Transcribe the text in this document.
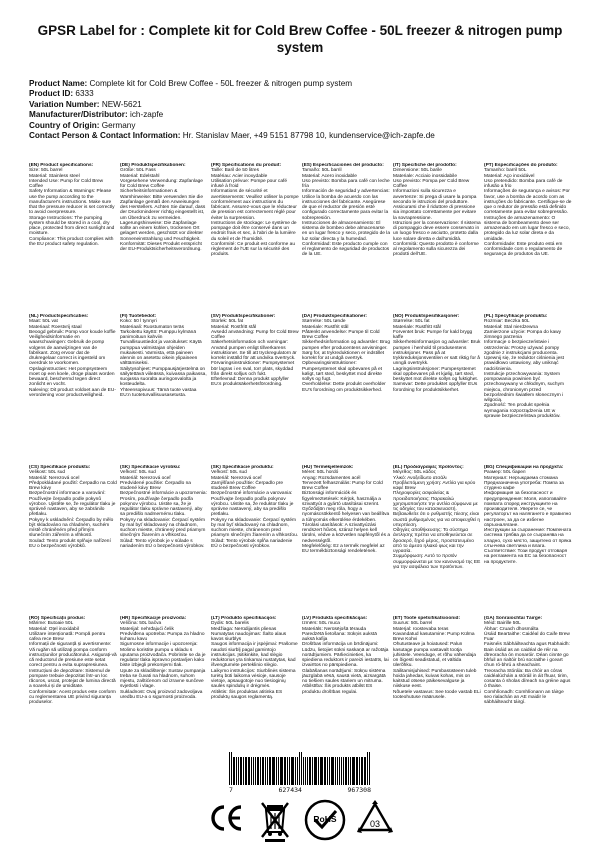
GPSR Label for : Complete kit for Cold Brew Coffee - 50L freezer & nitrogen pump system
Product Name: Complete kit for Cold Brew Coffee - 50L freezer & nitrogen pump system
Product ID: 6333
Variation Number: NEW-5621
Manufacturer/Distributor: ich-zapfe
Country of Origin: Germany
Contact Person & Contact Information: Hr. Stanislav Maer, +49 5151 87798 10, kundenservice@ich-zapfe.de
(EN) Product specifications:

Size: 50L barrel
Material: Stainless steel
Intended Use: Pump for Cold Brew Coffee
Safety Information & Warnings: Please use the pump according to the manufacturer's instructions. Make sure that the pressure reducer is set correctly to avoid overpressure.
Storage Instructions: The pumping system should be stored in a cool, dry place, protected from direct sunlight and moisture.
Compliance: This product complies with the EU product safety regulation.

(DE) Produktspezifikationen:

Größe: 50L Fass
Material: Edelstahl
Vorgesehene Verwendung: Zapfanlage für Cold Brew Coffee
Sicherheitsinformationen & Warnhinweise: Bitte verwenden Sie die Zapfanlage gemäß den Anweisungen des Herstellers. Achten Sie darauf, dass der Druckminderer richtig eingestellt ist, um Überdruck zu vermeiden.
Lagerungshinweise: Die Zapfanlage sollte an einem kühlen, trockenen Ort gelagert werden, geschützt vor direkter Sonneneinstrahlung und Feuchtigkeit.
Konformität: Dieses Produkt entspricht der EU-Produktsicherheitsverordnung.

(FR) Spécifications du produit:

Taille: Baril de 50 litres
Matériau: Acier inoxydable
Utilisation prévue: Pompe pour café infusé à froid
Informations de sécurité et avertissements: Veuillez utiliser la pompe conformément aux instructions du fabricant. Assurez-vous que le réducteur de pression est correctement réglé pour éviter la surpression.
Instructions de stockage: Le système de pompage doit être conservé dans un endroit frais et sec, à l'abri de la lumière du soleil et de l'humidité.
Conformité: Ce produit est conforme au règlement de l'UE sur la sécurité des produits.

(ES) Especificaciones del producto:

Tamaño: 50L barril
Material: Acero inoxidable
Uso previsto: Bomba para café con leche fría
Información de seguridad y advertencias: Utilice la bomba de acuerdo con las instrucciones del fabricante. Asegúrese de que el reductor de presión esté configurado correctamente para evitar la sobrepresión.
Instrucciones de almacenamiento: El sistema de bombeo debe almacenarse en un lugar fresco y seco, protegido de la luz solar directa y la humedad.
Conformidad: Este producto cumple con el reglamento de seguridad de productos de la UE.

(IT) Specifiche del prodotto:

Dimensione: 50L barile
Materiale: Acciaio inossidabile
Uso previsto: Pompa per Cold Brew Coffee
Informazioni sulla sicurezza e avvertenze: Si prega di usare la pompa secondo le istruzioni del produttore. Assicurarsi che il riduttore di pressione sia impostato correttamente per evitare la sovrapressione.
Istruzioni per la conservazione: Il sistema di pompaggio deve essere conservato in un luogo fresco e asciutto, protetto dalla luce solare diretta e dall'umidità.
Conformità: Questo prodotto è conforme al regolamento sulla sicurezza dei prodotti dell'UE.

(PT) Especificações do produto:

Tamanho: barril 50L
Material: Aço inoxidável
Uso pretendido: Bomba para café de infusão a frio
Informações de segurança e avisos: Por favor, use a bomba de acordo com as instruções do fabricante. Certifique-se de que o redutor de pressão está definido corretamente para evitar sobrepressão.
Instruções de armazenamento: O sistema de bombeamento deve ser armazenado em um lugar fresco e seco, protegido da luz solar direta e da umidade.
Conformidade: Este produto está em conformidade com o regulamento de segurança de produtos da UE.

(NL) Productspecificaties:

Maat: 50L vat
Materiaal: Roestvrij staal
Beoogd gebruik: Pomp voor koude koffie
Veiligheidsinformatie en waarschuwingen: Gebruik de pomp volgens de aanwijzingen van de fabrikant. Zorg ervoor dat de drukregelaar correct is ingesteld om overdruk te voorkomen.
Opslaginstructies: Het pompsysteem moet op een koele, droge plaats worden bewaard, beschermd tegen direct zonlicht en vocht.
Naleving: Dit product voldoet aan de EU-verordening voor productveiligheid.

(FI) Tuotetiedot:

Koko: 50 l tynnyri
Materiaali: Ruostumaton teräs
Tarkoitettu käyttö: Pumppu kylmänä panimoituun kahviin
Turvallisuustiedot ja varoitukset: Käytä pumppua valmistajan ohjeiden mukaisesti. Varmista, että paineen alennin on asetettu oikein ylipaineen välttämiseksi.
Säilytysohjeet: Pumppausjärjestelmä on säilytettävä viileässä, kuivassa paikassa, suojassa suoralta auringonvalolta ja kosteudelta.
Yhteensopivuus: Tämä tuote vastaa EU:n tuoteturvallisuusasetusta.

(SV) Produktspecifikationer:

Storlek: 50L fat
Material: Rostfritt stål
Avsedd användning: Pump för Cold Brew Coffee
Säkerhetsinformation och varningar: Använd pumpen enligt tillverkarens instruktioner. Se till att tryckregulatorn är korrekt inställd för att undvika övertryck.
Förvaringsinstruktioner: Pumpsystemet bör lagras i en sval, torr plats, skyddad från direkt solljus och fukt.
Efterlevnad: Denna produkt uppfyller EU:s produktsäkerhetsförordning.

(DA) Produktspecifikationer:

Størrelse: 50L tønde
Materiale: Rustfrit stål
Påtænkt anvendelse: Pumpe til Cold Brew Coffee
Sikkerhedsinformation og advarsler: Brug pumpen efter producentens anvisninger. Sørg for, at trykreduktionen er indstillet korrekt for at undgå overtryk.
Opbevaringsinstruktioner: Pumpesystemet skal opbevares på et køligt, tørt sted, beskyttet mod direkte sollys og fugt.
Overholdelse: Dette produkt overholder EU's forordning om produktsikkerhed.

(NO) Produktspesifikasjoner:

Størrelse: 50L fat
Materiale: Rustfritt stål
Forventet bruk: Pumpe for kald brygg kaffe
Sikkerhetsinformasjon og advarsler: Bruk pumpen i henhold til produsentens instruksjoner. Pass på at trykkreduksjonsventilen er satt riktig for å unngå overtrykk.
Lagringsinstruksjoner: Pumpesystemet skal oppbevares på et kjølig, tørt sted, beskyttet mot direkte sollys og fuktighet.
Samsvar: Dette produktet oppfyller EUs forordning for produktsikkerhet.

(PL) Specyfikacje produktu:

Rozmiar: Beczka 50L
Materiał: Stal nierdzewna
Zamierzone użycie: Pompa do kawy zimnego parzenia
Informacje o bezpieczeństwie i ostrzeżenia: Proszę używać pompy zgodnie z instrukcjami producenta. Upewnij się, że reduktor ciśnienia jest prawidłowo ustawiony, aby uniknąć nadciśnienia.
Instrukcje przechowywania: System pompowania powinien być przechowywany w chłodnym, suchym miejscu, chronionym przed bezpośrednim światłem słonecznym i wilgocią.
Zgodność: Ten produkt spełnia wymagania rozporządzenia UE w sprawie bezpieczeństwa produktów.

(CS) Specifikace produktu:

Velikost: 50L sud
Materiál: Nerezová ocel
Předpokládané použití: Čerpadlo na Cold Brew kávy
Bezpečnostní informace a varování: Používejte čerpadlo podle pokynů výrobce. Ujistěte se, že regulátor tlaku je správně nastaven, aby se zabránilo přetlaku.
Pokyny k uskladnění: Čerpadlo by mělo být skladováno na chladném, suchém místě chráněném před přímým slunečním zářením a vlhkostí.
Soulad: Tento produkt splňuje nařízení EU o bezpečnosti výrobků.

(SK) Špecifikácie výrobku:

Veľkosť: 50L sud
Materiál: Nerezová oceľ
Predvidené použitie: Čerpadlo na studené kávy Brew
Bezpečnostné informácie a upozornenia: Prosím, používajte čerpadlo podľa pokynov výrobcu. Uistite sa, že je regulátor tlaku správne nastavený, aby sa predišlo nadmernému tlaku.
Pokyny na skladovanie: Čerpací systém by mal byť skladovaný na chladnom, suchom mieste, chránený pred priamym slnečným žiarením a vlhkosťou.
Súlad: Tento výrobok je v súlade s nariadením EÚ o bezpečnosti výrobkov.

(SK) Špecifikácie produktu:

Veľkosť: 50L sud
Materiál: Nerezová oceľ
Zamýšľané použitie: Čerpadlo pre studené Brew Coffee
Bezpečnostné informácie a varovania: Používajte čerpadlo podľa pokynov výrobcu. Uistite sa, že reduktor tlaku je správne nastavený, aby sa predišlo pretlaku.
Pokyny na skladovanie: Čerpací systém by mal byť skladovaný na chladnom, suchom mieste, chránenom pred priamym slnečným žiarením a vlhkosťou.
Súlad: Tento výrobok spĺňa nariadenie EÚ o bezpečnosti výrobkov.

(HU) Termékjellemzők:

Méret: 50L hordó
Anyag: Rozsdamentes acél
Tervezett felhasználás: Pump for Cold Brew Coffee
Biztonsági információk és figyelmeztetések: Kérjük, használja a szivattyút a gyártó utasításai szerint. Győződjön meg róla, hogy a nyomáscsökkentő helyesen van beállítva a túlnyomás elkerülése érdekében.
Tárolási utasítások: A szivattyúzási rendszert hűvös, száraz helyen kell tárolni, védve a közvetlen napfénytől és a nedvességtől.
Megfelelőség: Ez a termék megfelel az EU termékbiztonsági rendeletének.

(EL) Προδιαγραφές προϊόντος:

Μέγεθος: 50L κάδος
Υλικό: Ανοξείδωτο ατσάλι
Προβλεπόμενη χρήση: Αντλία για κρύο καφέ Brew
Πληροφορίες ασφαλείας & προειδοποιήσεις: Παρακαλώ χρησιμοποιήστε την αντλία σύμφωνα με τις οδηγίες του κατασκευαστή. Βεβαιωθείτε ότι ο ρυθμιστής πίεσης είναι σωστά ρυθμισμένος για να αποφευχθεί η υπερπίεση.
Οδηγίες αποθήκευσης: Το σύστημα άντλησης πρέπει να αποθηκεύεται σε δροσερό, ξηρό μέρος, προστατευμένο από το άμεσο ηλιακό φως και την υγρασία.
Συμμόρφωση: Αυτό το προϊόν συμμορφώνεται με τον κανονισμό της ΕΕ για την ασφάλεια των προϊόντων.

(BG) Спецификации на продукта:

Размер: 50L барел
Материал: Неръждаема стомана
Предназначена употреба: Помпа за студено кафе
Информация за безопасност и предупреждения: Моля, използвайте помпата според инструкциите на производителя. Уверете се, че регулаторът на налягането е правилно настроен, за да се избегне свръхналягане.
Инструкции за съхранение: Помпената система трябва да се съхранява на хладно, сухо място, защитено от пряка слънчева светлина и влага.
Съответствие: Този продукт отговаря на регламента на ЕС за безопасност на продуктите.

(RO) Specificații produs:

Mărime: Butoaie 50L
Material: Oțel inoxidabil
Utilizare intenționată: Pompă pentru cafea rece Brew
Informații de siguranță și avertismente: Vă rugăm să utilizați pompa conform instrucțiunilor producătorului. Asigurați-vă că reductorul de presiune este setat corect pentru a evita suprapresiunea.
Instrucțiuni de depozitare: Sistemul de pompare trebuie depozitat într-un loc răcoros, uscat, protejat de lumina directă a soarelui și de umiditate.
Conformitate: Acest produs este conform cu reglementarea UE privind siguranța produselor.

(HR) Specifikacije proizvoda:

Veličina: 50L bačva
Materijal: nehrđajući čelik
Predviđena upotreba: Pumpa za hladno kuhanu kavu
Sigurnosne informacije i upozorenja: Molimo koristite pumpu u skladu s uputama proizvođača. Pobrinite se da je regulator tlaka ispravno postavljen kako biste izbjegli prekomjerni tlak.
Upute za skladištenje: Sustav pumpanja treba se čuvati na hladnom, suhom mjestu, zaštićenom od izravne sunčeve svjetlosti i vlage.
Sukladnost: Ovaj proizvod zadovoljava uredbu EU-a o sigurnosti proizvoda.

(LT) Produkto specifikacijos:

Dydis: 50L barelis
Medžiaga: Nerūdijantis plienas
Numatytas naudojimas: Šalto alaus kavos siurblys
Saugos informacija ir įspėjimai: Prašome naudoti siurblį pagal gamintojo instrukcijas. Įsitikinkite, kad slėgio reduktorius yra tinkamai nustatytas, kad išvengtumėte perteklinio slėgio.
Laikymo instrukcijos: Siurblinės sistema turėtų būti laikoma vėsioje, sausoje vietoje, apsaugotoje nuo tiesioginių saulės spindulių ir drėgmės.
Atitiktis: Šis produktas atitinka ES produktų saugos reglamentą.

(LV) Produkta specifikācijas:

Izmērs: 50L muca
Materiāls: Nerūsējošā tērauda
Paredzētā lietošana: Sūkņis aukstā auksā kafija
Drošības informācija un brīdinājumi: Lūdzu, lietojiet sūkni saskaņā ar ražotāja norādījumiem. Pārliecinieties, ka spiediena reduktors ir pareizi iestatīts, lai izvairītos no pārspiediena.
Glabāšanas norādījumi: Sūkņu sistēma jāuzglabā vēsā, sausā vietā, aizsargātā no tiešiem saules stariem un mitruma.
Atbilstība: Šis produkts atbilst ES produktu drošības regulai.

(ET) Toote spetsifikatsioonid:

Suurus: 50L barrel
Materjal: roostevaba teras
Kavandatud kasutamine: Pump Külma Brew Kohvi
Ohutusteave ja hoiatused: Palun kasutage pumpa vastavalt tootja juhistele. Veenduge, et rõhu vähendaja on õigesti seadistatud, et vältida ülerõhku.
Säilitamisjuhised: Pumbasüsteem tuleb hoida jahedas, kuivas kohas, mis on kaitstud otsese päikesevalguse ja niiskuse eest.
Nõuetele vastavus: See toode vastab ELi tooteohutuse määrusele.

(GA) Sonraíochtaí Táirge:

Méid: Bairille 50L
Ábhar: Cruach dhosmálta
Úsáid Beartaithe: Caidéal do Caife Brew Fuar
Faisnéis Sábháilteachta agus Rabhaidh: Bain úsáid as an caidéal de réir na dtreoracha ón monaróir. Déan cinnte go bhfuil an rialtóir brú socraithe i gceart chun ró-bhrú a sheachaint.
Treoracha Stórála: Ba chóir an córas caidéalúcháin a stóráil in áit fhuar, tirim, cosanta ó sholas díreach na gréine agus ó thaise.
Comhlíonadh: Comhlíonann an táirge seo rialachán an AE maidir le sábháilteacht táirgí.

7	627434	967308
RoHS	03
